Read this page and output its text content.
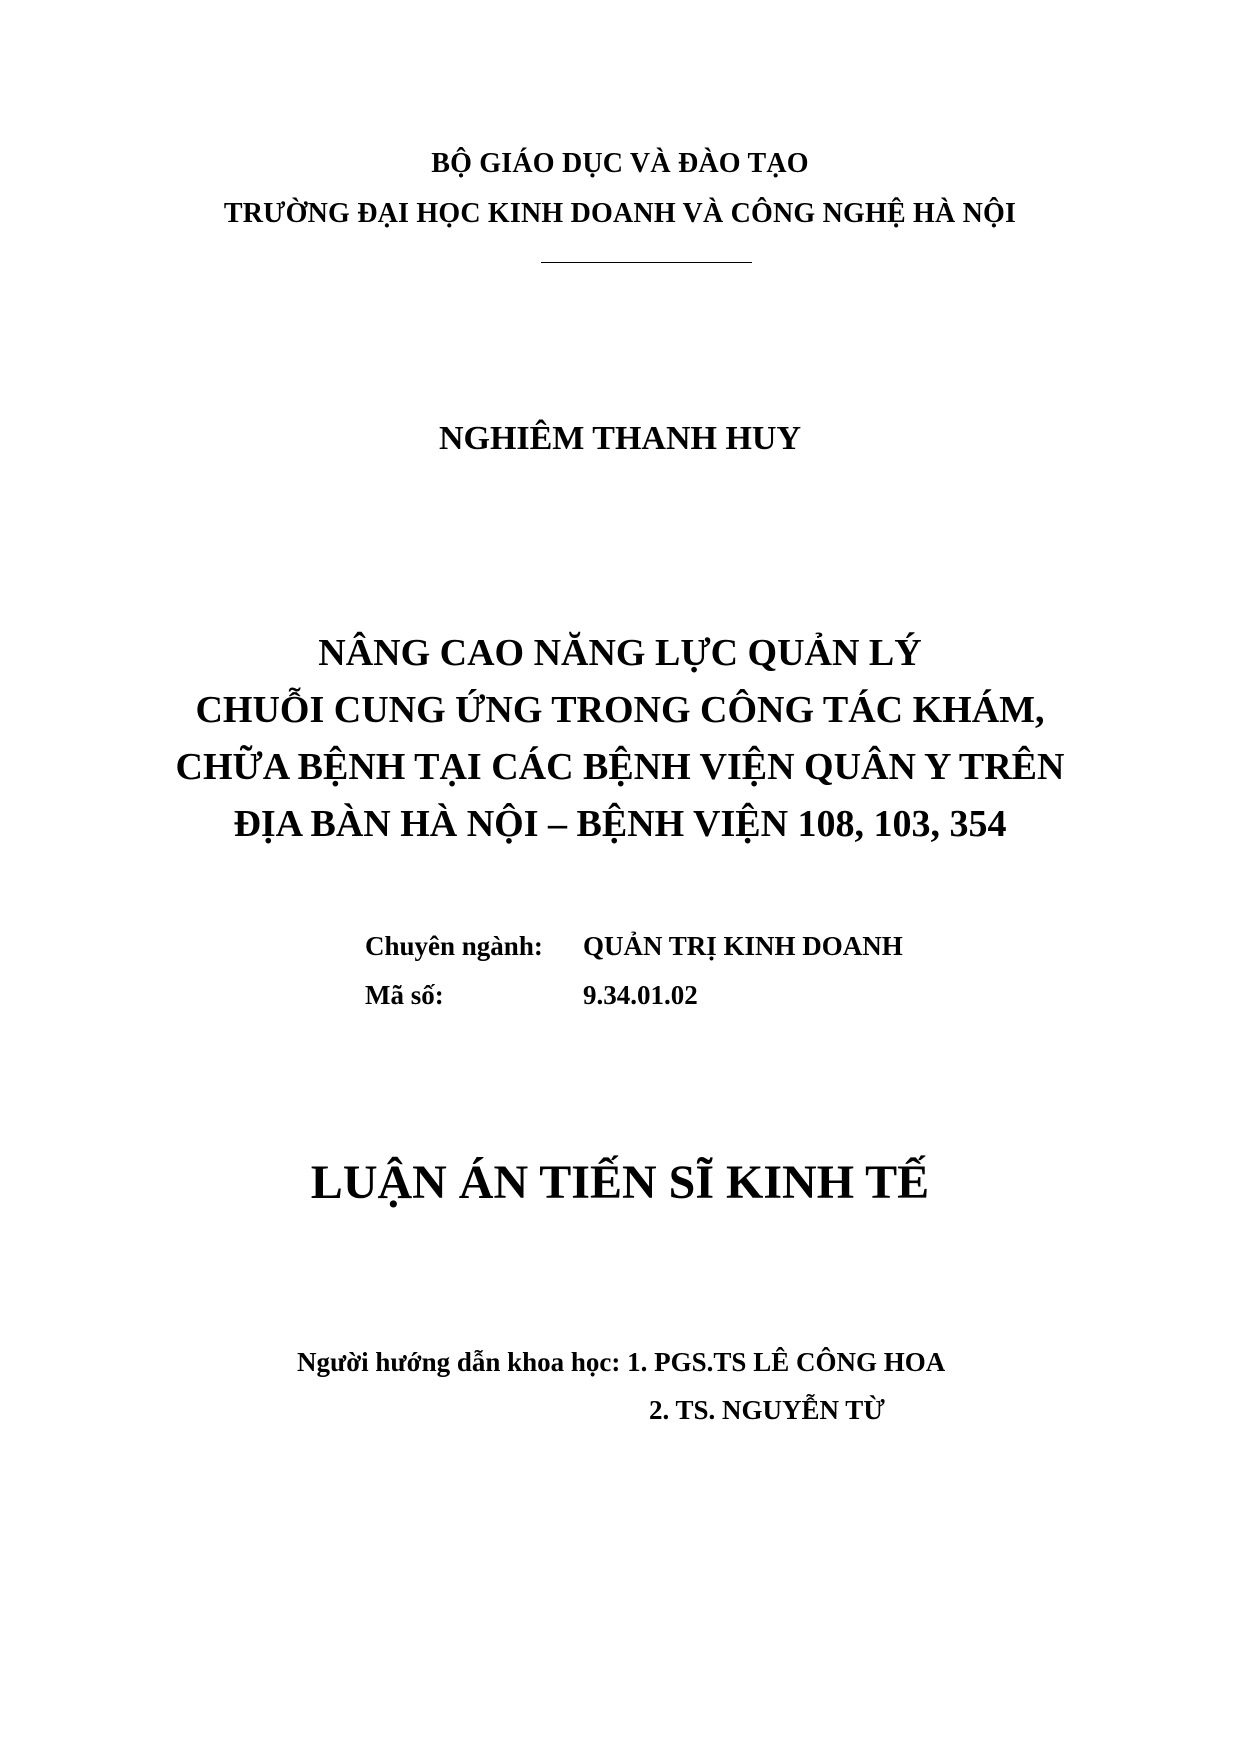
BỘ GIÁO DỤC VÀ ĐÀO TẠO
TRƯỜNG ĐẠI HỌC KINH DOANH VÀ CÔNG NGHỆ HÀ NỘI
NGHIÊM THANH HUY
NÂNG CAO NĂNG LỰC QUẢN LÝ
CHUỖI CUNG ỨNG TRONG CÔNG TÁC KHÁM,
CHỮA BỆNH TẠI CÁC BỆNH VIỆN QUÂN Y TRÊN
ĐỊA BÀN HÀ NỘI – BỆNH VIỆN 108, 103, 354
Chuyên ngành:	QUẢN TRỊ KINH DOANH
Mã số:	9.34.01.02
LUẬN ÁN TIẾN SĨ KINH TẾ
Người hướng dẫn khoa học:
1. PGS.TS LÊ CÔNG HOA
2. TS. NGUYỄN TỪ
